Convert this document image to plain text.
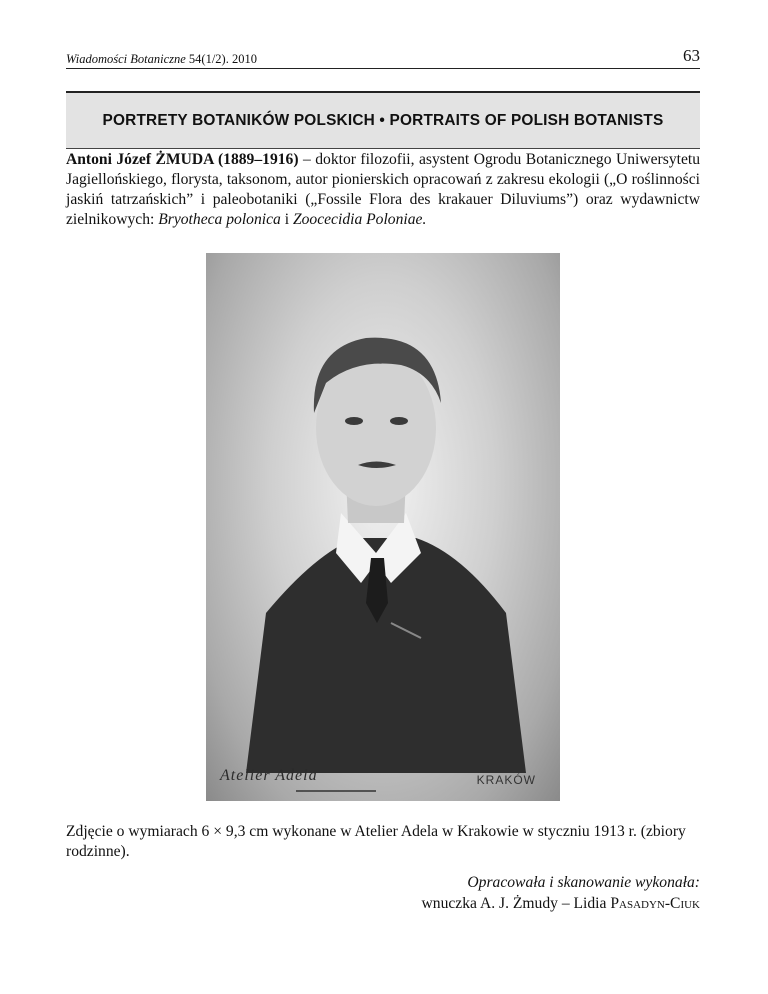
Wiadomości Botaniczne 54(1/2). 2010	63
PORTRETY BOTANIKÓW POLSKICH • PORTRAITS OF POLISH BOTANISTS

Antoni Józef ŻMUDA (1889–1916) – doktor filozofii, asystent Ogrodu Botanicznego Uniwersytetu Jagiellońskiego, florysta, taksonom, autor pionierskich opracowań z zakresu ekologii („O roślinności jaskiń tatrzańskich” i paleobotaniki („Fossile Flora des krakauer Diluviums”) oraz wydawnictw zielnikowych: Bryotheca polonica i Zoocecidia Poloniae.

Atelier Adela	KRAKÓW
Zdjęcie o wymiarach 6 × 9,3 cm wykonane w Atelier Adela w Krakowie w styczniu 1913 r. (zbiory rodzinne).
Opracowała i skanowanie wykonała:
wnuczka A. J. Żmudy – Lidia Pasadyn-Ciuk
